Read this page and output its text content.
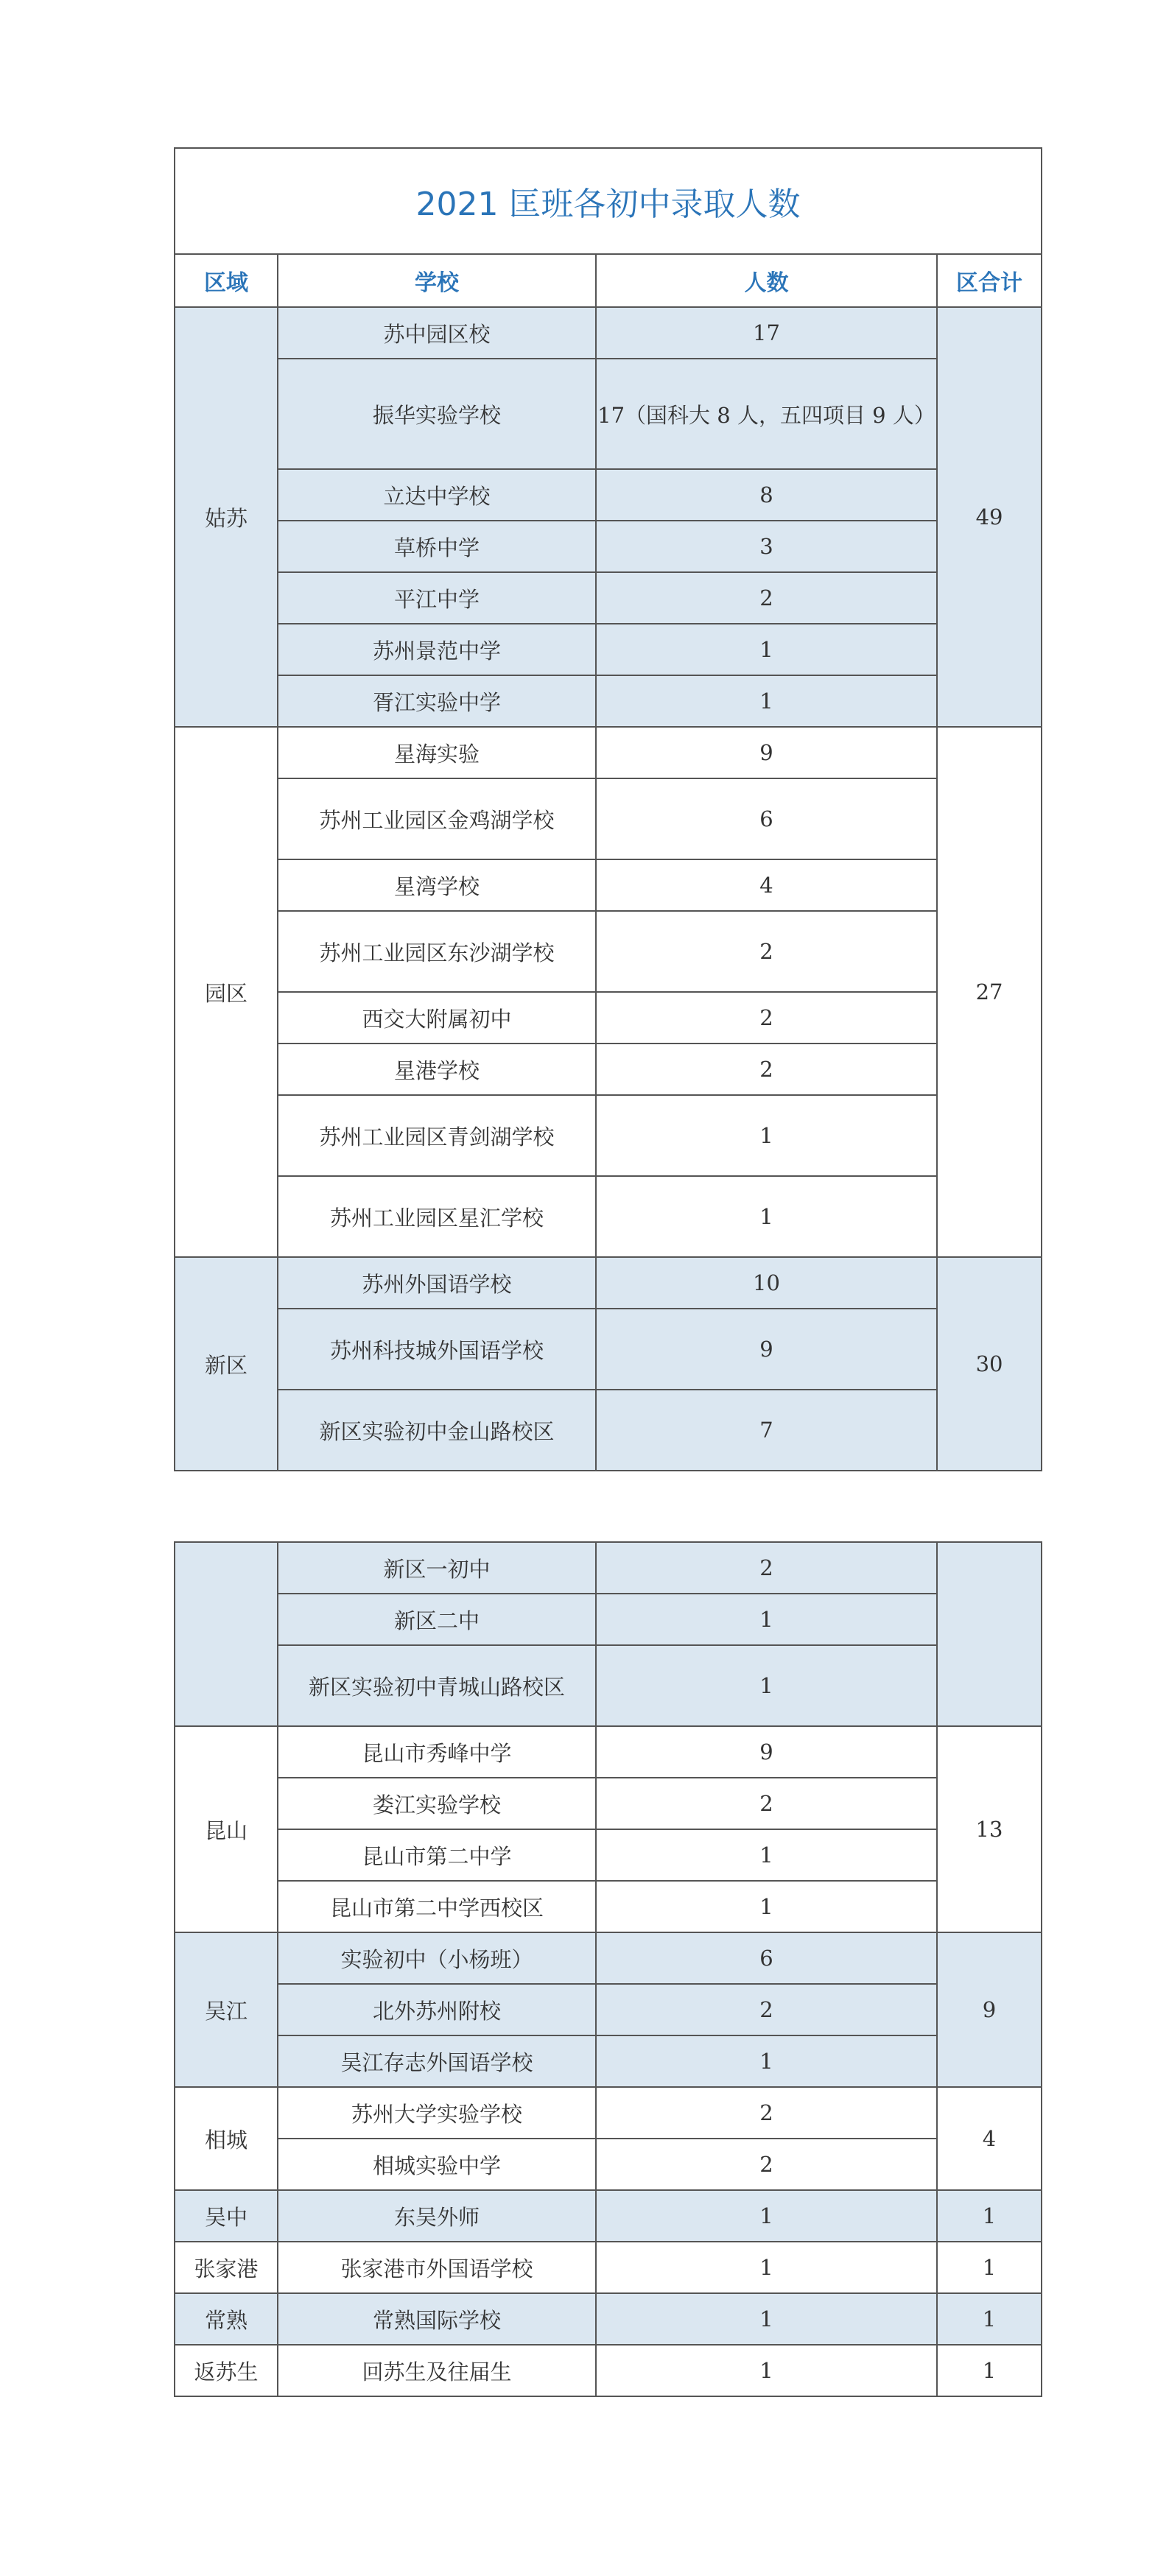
2021 匡班各初中录取人数			
区域	学校	人数	区合计
姑苏	苏中园区校	17	49
	振华实验学校	17（国科大 8 人，五四项目 9 人）	
	立达中学校	8	
	草桥中学	3	
	平江中学	2	
	苏州景范中学	1	
	胥江实验中学	1	
园区	星海实验	9	27
	苏州工业园区金鸡湖学校	6	
	星湾学校	4	
	苏州工业园区东沙湖学校	2	
	西交大附属初中	2	
	星港学校	2	
	苏州工业园区青剑湖学校	1	
	苏州工业园区星汇学校	1	
新区	苏州外国语学校	10	30
	苏州科技城外国语学校	9	
	新区实验初中金山路校区	7	
	新区一初中	2	
	新区二中	1	
	新区实验初中青城山路校区	1	
昆山	昆山市秀峰中学	9	13
	娄江实验学校	2	
	昆山市第二中学	1	
	昆山市第二中学西校区	1	
吴江	实验初中（小杨班）	6	9
	北外苏州附校	2	
	吴江存志外国语学校	1	
相城	苏州大学实验学校	2	4
	相城实验中学	2	
吴中	东吴外师	1	1
张家港	张家港市外国语学校	1	1
常熟	常熟国际学校	1	1
返苏生	回苏生及往届生	1	1
